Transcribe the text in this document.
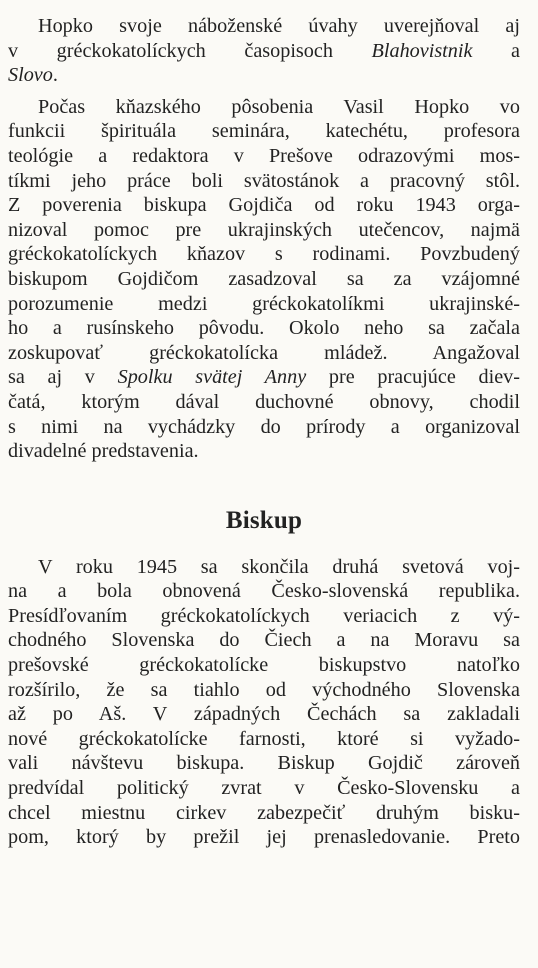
Hopko svoje náboženské úvahy uverejňoval aj
v gréckokatolíckych časopisoch Blahovistnik a
Slovo.

Počas kňazského pôsobenia Vasil Hopko vo
funkcii špirituála seminára, katechétu, profesora
teológie a redaktora v Prešove odrazovými mos-
tíkmi jeho práce boli svätostánok a pracovný stôl.
Z poverenia biskupa Gojdiča od roku 1943 orga-
nizoval pomoc pre ukrajinských utečencov, najmä
gréckokatolíckych kňazov s rodinami. Povzbudený
biskupom Gojdičom zasadzoval sa za vzájomné
porozumenie medzi gréckokatolíkmi ukrajinské-
ho a rusínskeho pôvodu. Okolo neho sa začala
zoskupovať gréckokatolícka mládež. Angažoval
sa aj v Spolku svätej Anny pre pracujúce diev-
čatá, ktorým dával duchovné obnovy, chodil
s nimi na vychádzky do prírody a organizoval
divadelné predstavenia.

Biskup

V roku 1945 sa skončila druhá svetová voj-
na a bola obnovená Česko-slovenská republika.
Presídľovaním gréckokatolíckych veriacich z vý-
chodného Slovenska do Čiech a na Moravu sa
prešovské gréckokatolícke biskupstvo natoľko
rozšírilo, že sa tiahlo od východného Slovenska
až po Aš. V západných Čechách sa zakladali
nové gréckokatolícke farnosti, ktoré si vyžado-
vali návštevu biskupa. Biskup Gojdič zároveň
predvídal politický zvrat v Česko-Slovensku a
chcel miestnu cirkev zabezpečiť druhým bisku-
pom, ktorý by prežil jej prenasledovanie. Preto
